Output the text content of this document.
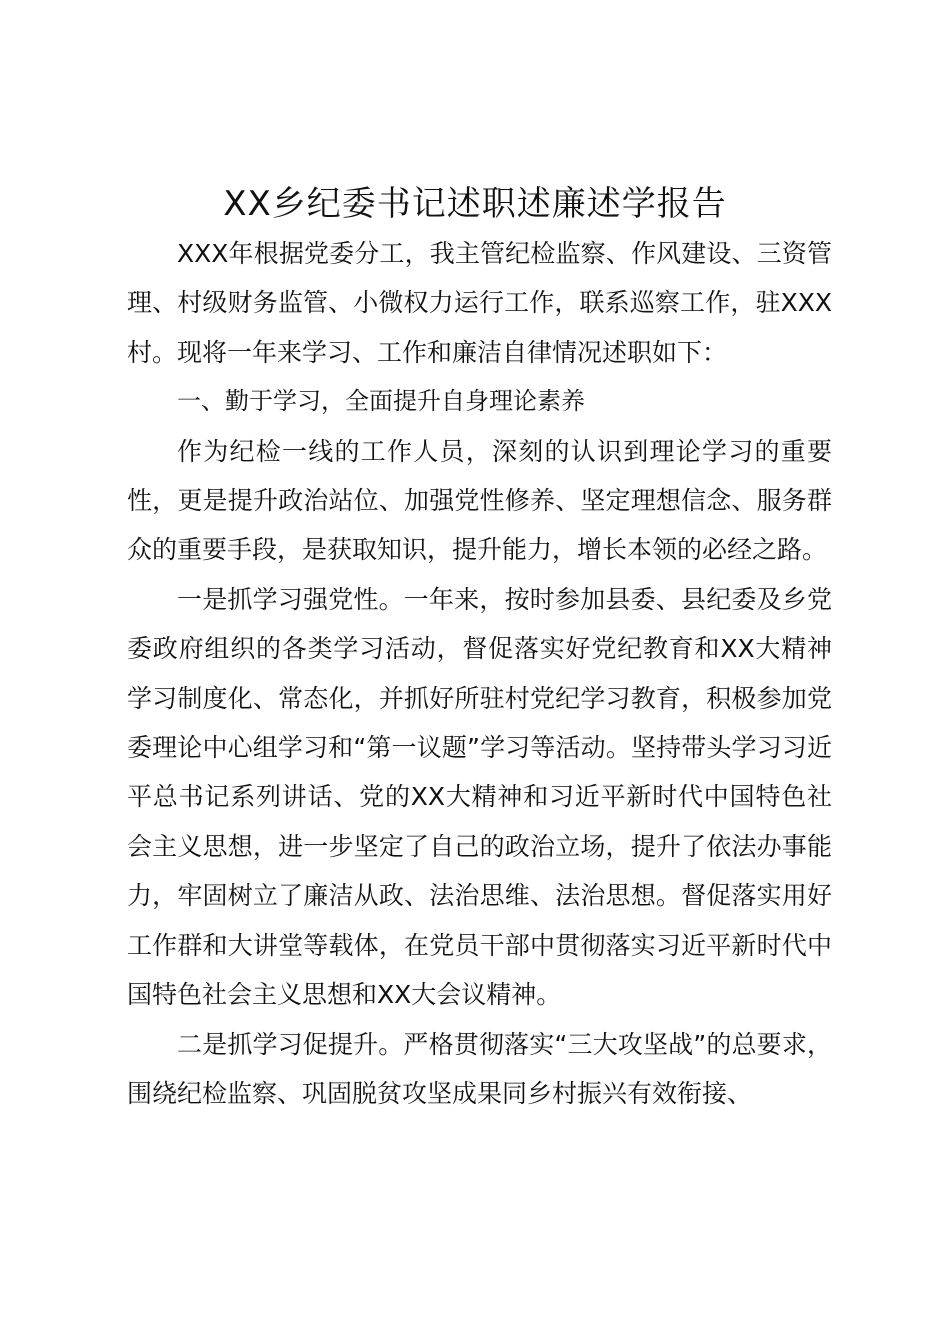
XX乡纪委书记述职述廉述学报告

XXX年根据党委分工，我主管纪检监察、作风建设、三资管理、村级财务监管、小微权力运行工作，联系巡察工作，驻XXX村。现将一年来学习、工作和廉洁自律情况述职如下：

一、勤于学习，全面提升自身理论素养

作为纪检一线的工作人员，深刻的认识到理论学习的重要性，更是提升政治站位、加强党性修养、坚定理想信念、服务群众的重要手段，是获取知识，提升能力，增长本领的必经之路。

一是抓学习强党性。一年来，按时参加县委、县纪委及乡党委政府组织的各类学习活动，督促落实好党纪教育和XX大精神学习制度化、常态化，并抓好所驻村党纪学习教育，积极参加党委理论中心组学习和“第一议题”学习等活动。坚持带头学习习近平总书记系列讲话、党的XX大精神和习近平新时代中国特色社会主义思想，进一步坚定了自己的政治立场，提升了依法办事能力，牢固树立了廉洁从政、法治思维、法治思想。督促落实用好工作群和大讲堂等载体，在党员干部中贯彻落实习近平新时代中国特色社会主义思想和XX大会议精神。

二是抓学习促提升。严格贯彻落实“三大攻坚战”的总要求，围绕纪检监察、巩固脱贫攻坚成果同乡村振兴有效衔接、
